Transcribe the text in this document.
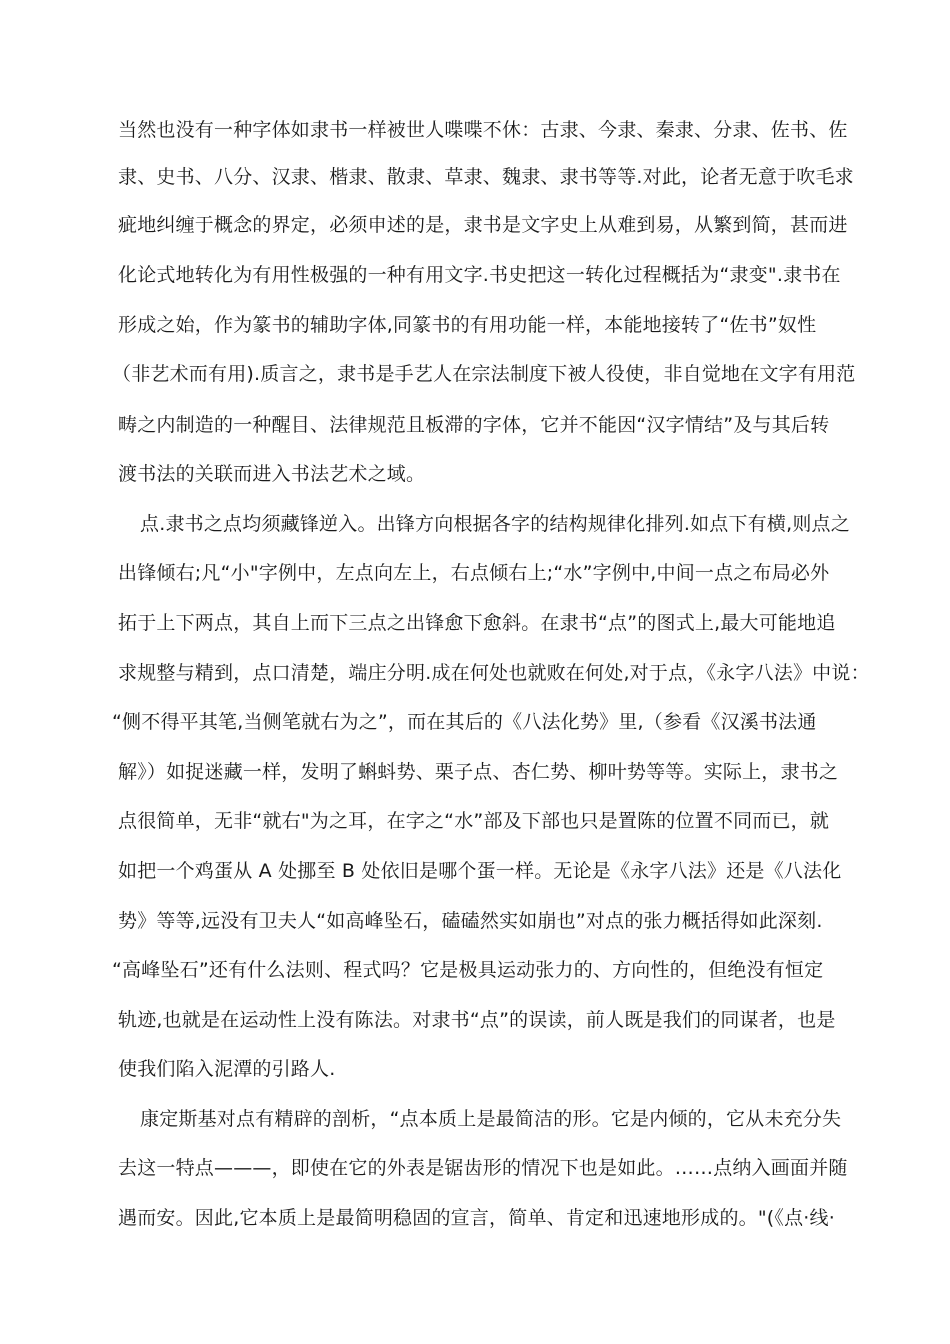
当然也没有一种字体如隶书一样被世人喋喋不休：古隶、今隶、秦隶、分隶、佐书、佐
隶、史书、八分、汉隶、楷隶、散隶、草隶、魏隶、隶书等等.对此，论者无意于吹毛求
疵地纠缠于概念的界定，必须申述的是，隶书是文字史上从难到易，从繁到简，甚而进
化论式地转化为有用性极强的一种有用文字.书史把这一转化过程概括为“隶变".隶书在
形成之始，作为篆书的辅助字体,同篆书的有用功能一样，本能地接转了“佐书”奴性
（非艺术而有用).质言之，隶书是手艺人在宗法制度下被人役使，非自觉地在文字有用范
畴之内制造的一种醒目、法律规范且板滞的字体，它并不能因“汉字情结”及与其后转
渡书法的关联而进入书法艺术之域。
点.隶书之点均须藏锋逆入。出锋方向根据各字的结构规律化排列.如点下有横,则点之
出锋倾右;凡“小"字例中，左点向左上，右点倾右上;“水”字例中,中间一点之布局必外
拓于上下两点，其自上而下三点之出锋愈下愈斜。在隶书“点”的图式上,最大可能地追
求规整与精到，点口清楚，端庄分明.成在何处也就败在何处,对于点，《永字八法》中说：
“侧不得平其笔,当侧笔就右为之”，而在其后的《八法化势》里,（参看《汉溪书法通
解》）如捉迷藏一样，发明了蝌蚪势、栗子点、杏仁势、柳叶势等等。实际上，隶书之
点很简单，无非“就右"为之耳，在字之“水”部及下部也只是置陈的位置不同而已，就
如把一个鸡蛋从 A 处挪至 B 处依旧是哪个蛋一样。无论是《永字八法》还是《八法化
势》等等,远没有卫夫人“如高峰坠石，磕磕然实如崩也”对点的张力概括得如此深刻.
“高峰坠石”还有什么法则、程式吗？它是极具运动张力的、方向性的，但绝没有恒定
轨迹,也就是在运动性上没有陈法。对隶书“点”的误读，前人既是我们的同谋者，也是
使我们陷入泥潭的引路人.
康定斯基对点有精辟的剖析，“点本质上是最简洁的形。它是内倾的，它从未充分失
去这一特点———，即使在它的外表是锯齿形的情况下也是如此。……点纳入画面并随
遇而安。因此,它本质上是最简明稳固的宣言，简单、肯定和迅速地形成的。"(《点·线·
